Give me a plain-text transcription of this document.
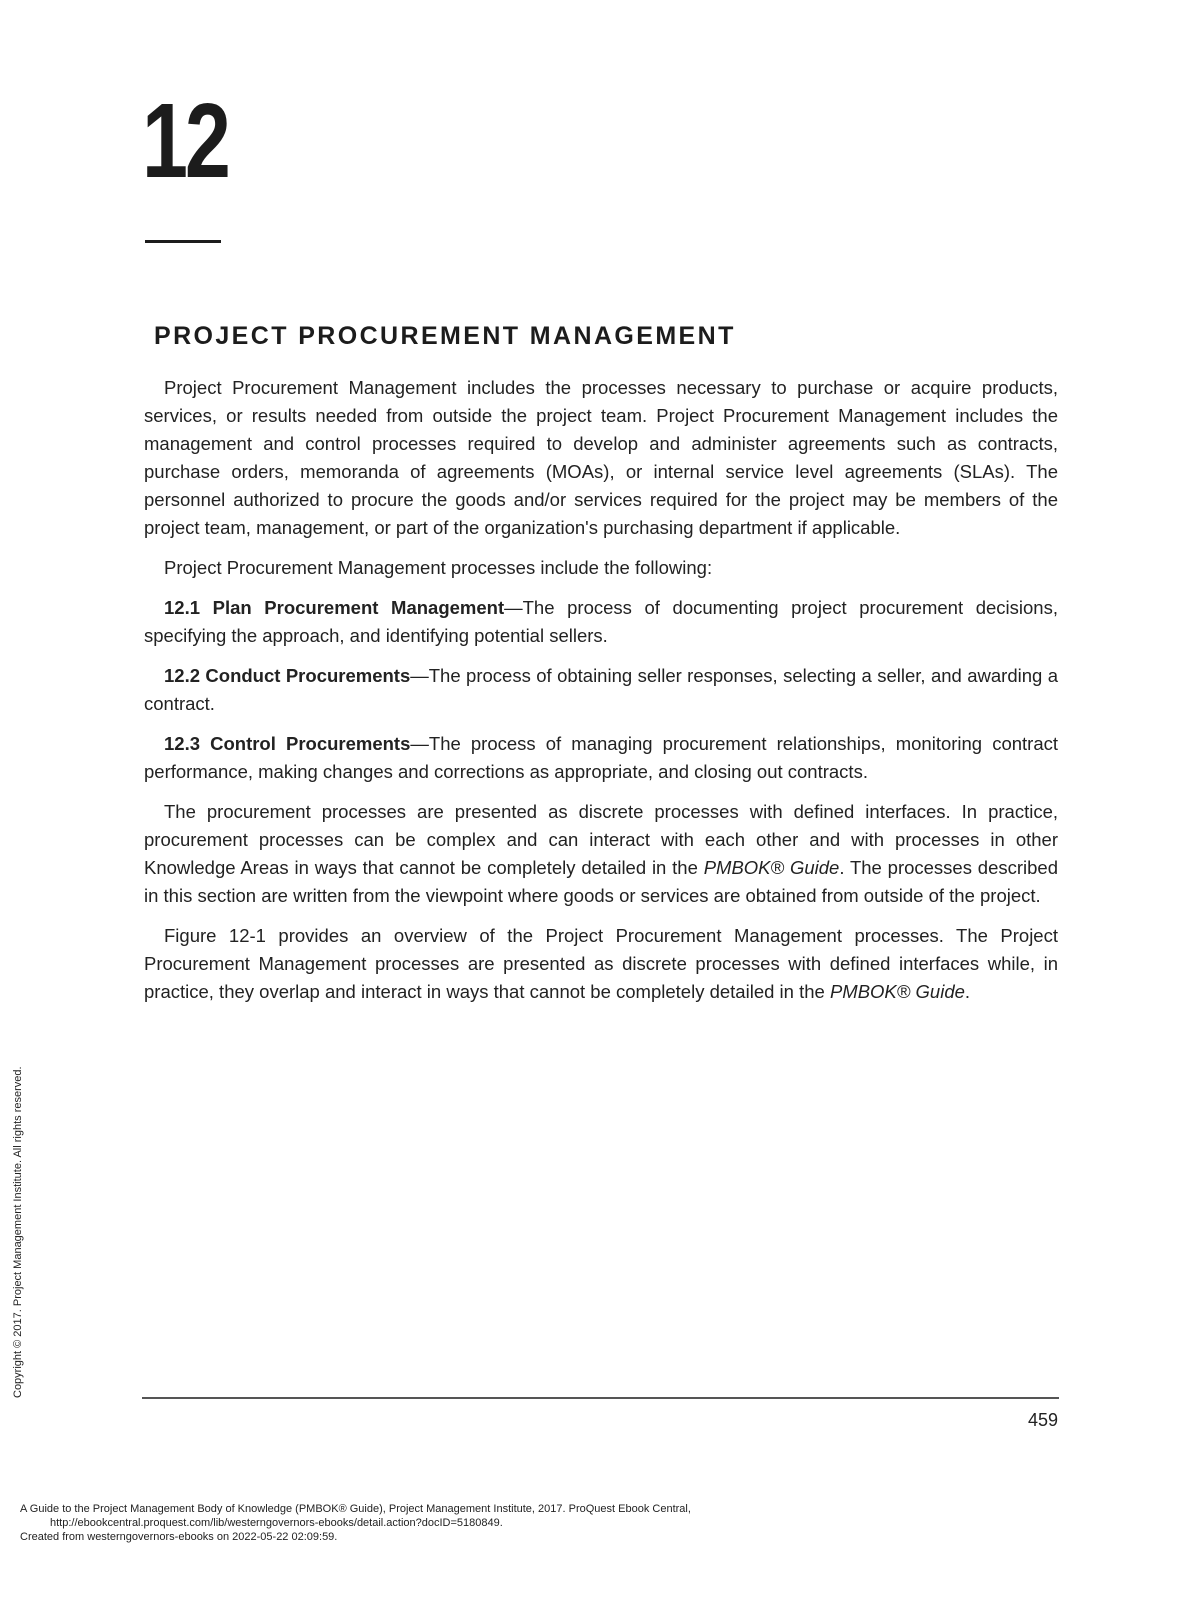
12
PROJECT PROCUREMENT MANAGEMENT

Project Procurement Management includes the processes necessary to purchase or acquire products, services, or results needed from outside the project team. Project Procurement Management includes the management and control processes required to develop and administer agreements such as contracts, purchase orders, memoranda of agreements (MOAs), or internal service level agreements (SLAs). The personnel authorized to procure the goods and/or services required for the project may be members of the project team, management, or part of the organization's purchasing department if applicable.

Project Procurement Management processes include the following:

12.1 Plan Procurement Management—The process of documenting project procurement decisions, specifying the approach, and identifying potential sellers.

12.2 Conduct Procurements—The process of obtaining seller responses, selecting a seller, and awarding a contract.

12.3 Control Procurements—The process of managing procurement relationships, monitoring contract performance, making changes and corrections as appropriate, and closing out contracts.

The procurement processes are presented as discrete processes with defined interfaces. In practice, procurement processes can be complex and can interact with each other and with processes in other Knowledge Areas in ways that cannot be completely detailed in the PMBOK® Guide. The processes described in this section are written from the viewpoint where goods or services are obtained from outside of the project.

Figure 12-1 provides an overview of the Project Procurement Management processes. The Project Procurement Management processes are presented as discrete processes with defined interfaces while, in practice, they overlap and interact in ways that cannot be completely detailed in the PMBOK® Guide.

459
Copyright © 2017. Project Management Institute. All rights reserved.
A Guide to the Project Management Body of Knowledge (PMBOK® Guide), Project Management Institute, 2017. ProQuest Ebook Central,
http://ebookcentral.proquest.com/lib/westerngovernors-ebooks/detail.action?docID=5180849.
Created from westerngovernors-ebooks on 2022-05-22 02:09:59.
